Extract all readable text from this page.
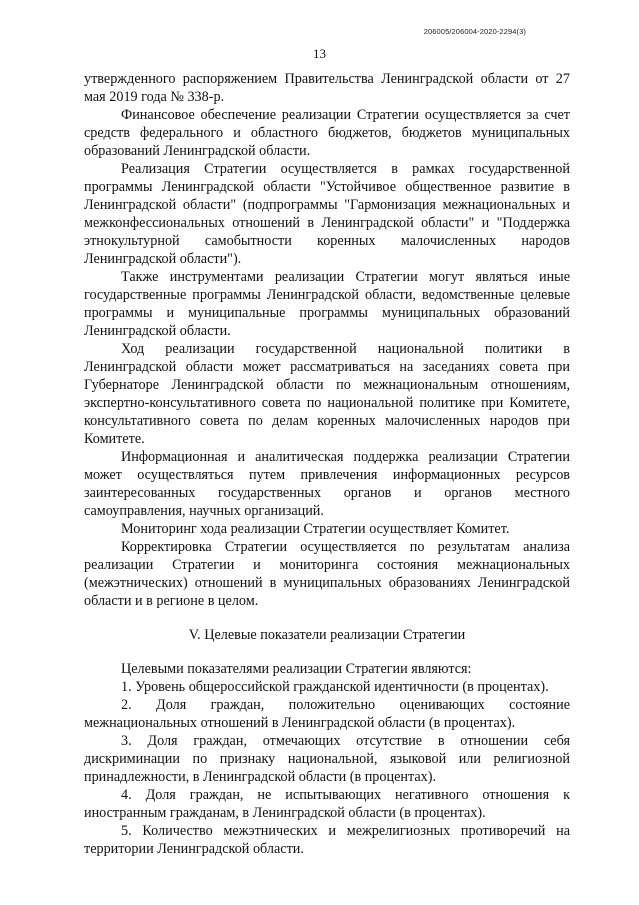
206005/206004-2020-2294(3)
13

утвержденного распоряжением Правительства Ленинградской области от 27 мая 2019 года № 338-р.

Финансовое обеспечение реализации Стратегии осуществляется за счет средств федерального и областного бюджетов, бюджетов муниципальных образований Ленинградской области.

Реализация Стратегии осуществляется в рамках государственной программы Ленинградской области "Устойчивое общественное развитие в Ленинградской области" (подпрограммы "Гармонизация межнациональных и межконфессиональных отношений в Ленинградской области" и "Поддержка этнокультурной самобытности коренных малочисленных народов Ленинградской области").

Также инструментами реализации Стратегии могут являться иные государственные программы Ленинградской области, ведомственные целевые программы и муниципальные программы муниципальных образований Ленинградской области.

Ход реализации государственной национальной политики в Ленинградской области может рассматриваться на заседаниях совета при Губернаторе Ленинградской области по межнациональным отношениям, экспертно-консультативного совета по национальной политике при Комитете, консультативного совета по делам коренных малочисленных народов при Комитете.

Информационная и аналитическая поддержка реализации Стратегии может осуществляться путем привлечения информационных ресурсов заинтересованных государственных органов и органов местного самоуправления, научных организаций.

Мониторинг хода реализации Стратегии осуществляет Комитет.

Корректировка Стратегии осуществляется по результатам анализа реализации Стратегии и мониторинга состояния межнациональных (межэтнических) отношений в муниципальных образованиях Ленинградской области и в регионе в целом.

V. Целевые показатели реализации Стратегии

Целевыми показателями реализации Стратегии являются:

1. Уровень общероссийской гражданской идентичности (в процентах).

2. Доля граждан, положительно оценивающих состояние межнациональных отношений в Ленинградской области (в процентах).

3. Доля граждан, отмечающих отсутствие в отношении себя дискриминации по признаку национальной, языковой или религиозной принадлежности, в Ленинградской области (в процентах).

4. Доля граждан, не испытывающих негативного отношения к иностранным гражданам, в Ленинградской области (в процентах).

5. Количество межэтнических и межрелигиозных противоречий на территории Ленинградской области.
